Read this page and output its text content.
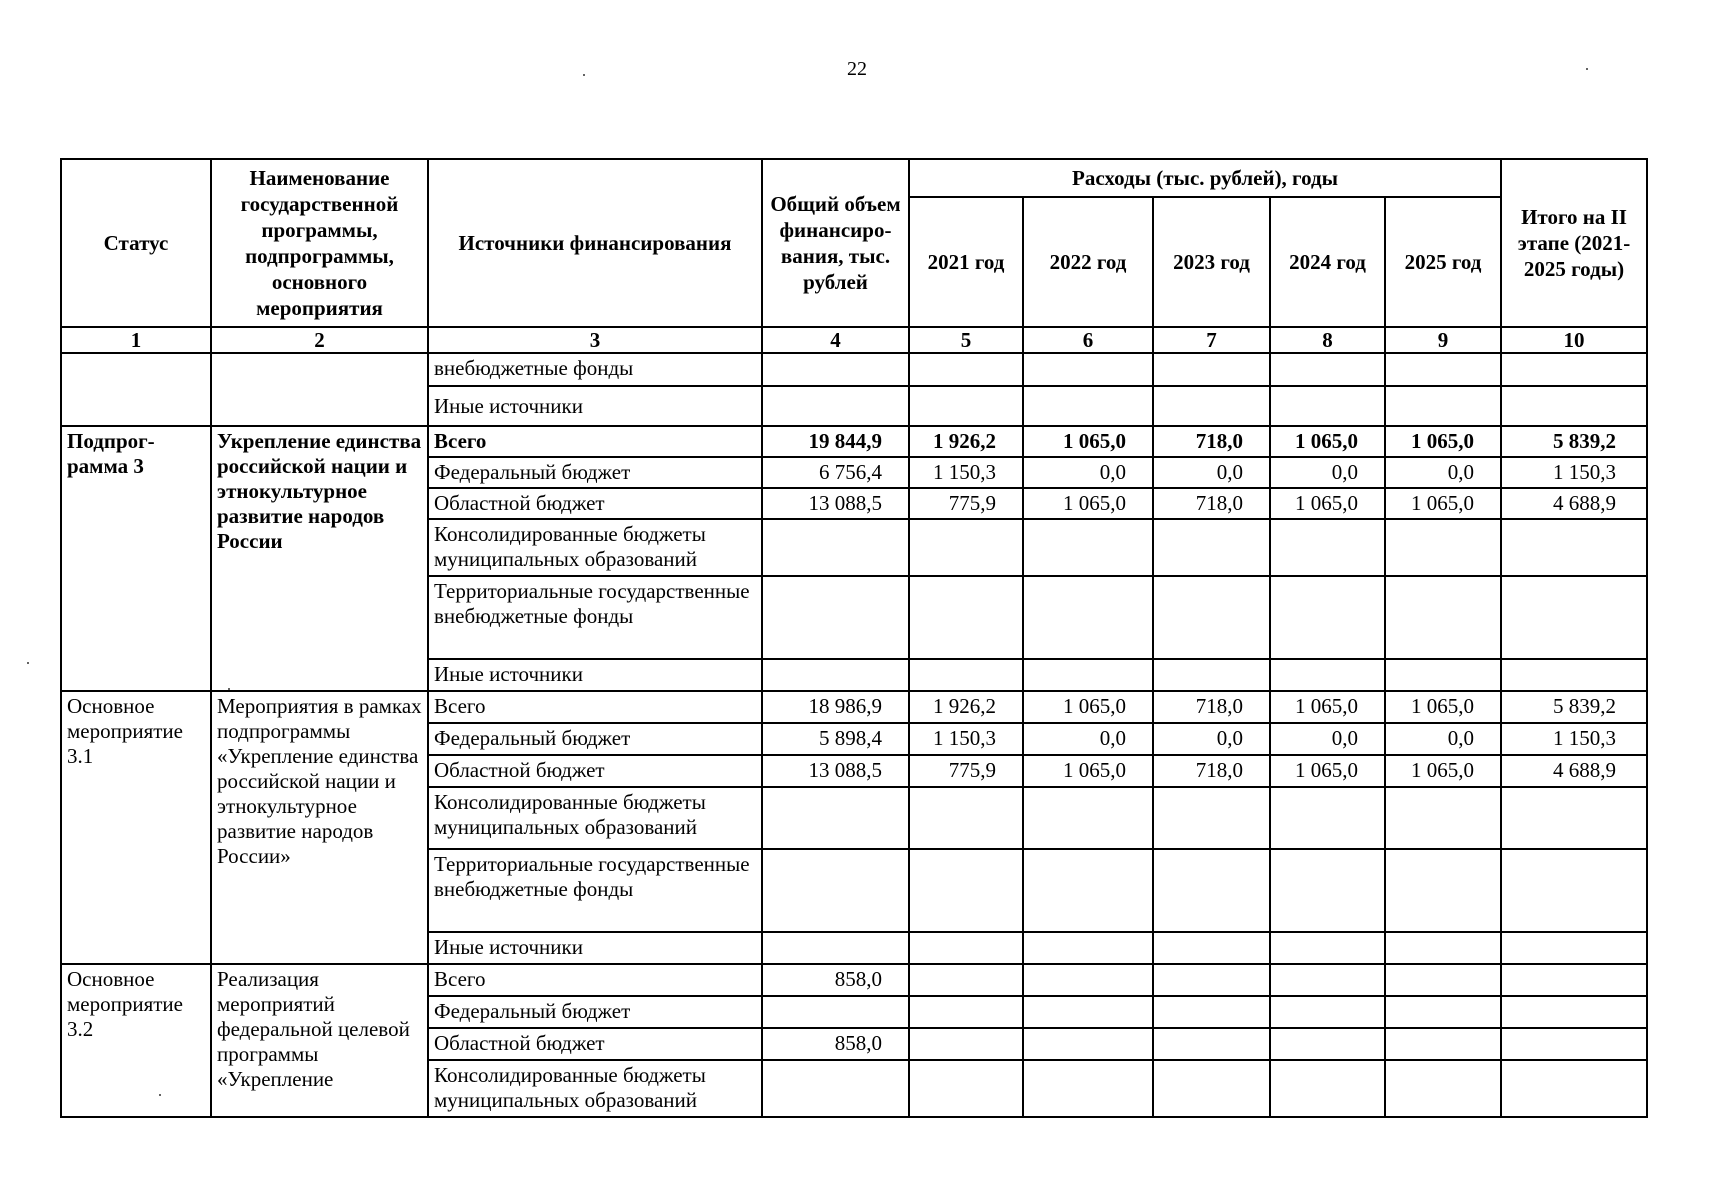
22
Статус	Наименование государственной программы, подпрограммы, основного мероприятия	Источники финансирования	Общий объем финансиро-вания, тыс. рублей	Расходы (тыс. рублей), годы					Итого на II этапе (2021-2025 годы)
				2021 год	2022 год	2023 год	2024 год	2025 год	
1	2	3	4	5	6	7	8	9	10
		внебюджетные фонды							
		Иные источники							
Подпрог-рамма 3	Укрепление единства российской нации и этнокультурное развитие народов России	Всего	19 844,9	1 926,2	1 065,0	718,0	1 065,0	1 065,0	5 839,2
		Федеральный бюджет	6 756,4	1 150,3	0,0	0,0	0,0	0,0	1 150,3
		Областной бюджет	13 088,5	775,9	1 065,0	718,0	1 065,0	1 065,0	4 688,9
		Консолидированные бюджеты муниципальных образований							
		Территориальные государственные внебюджетные фонды							
		Иные источники							
Основное мероприятие 3.1	Мероприятия в рамках подпрограммы «Укрепление единства российской нации и этнокультурное развитие народов России»	Всего	18 986,9	1 926,2	1 065,0	718,0	1 065,0	1 065,0	5 839,2
		Федеральный бюджет	5 898,4	1 150,3	0,0	0,0	0,0	0,0	1 150,3
		Областной бюджет	13 088,5	775,9	1 065,0	718,0	1 065,0	1 065,0	4 688,9
		Консолидированные бюджеты муниципальных образований							
		Территориальные государственные внебюджетные фонды							
		Иные источники							
Основное мероприятие 3.2	Реализация мероприятий федеральной целевой программы «Укрепление	Всего	858,0						
		Федеральный бюджет							
		Областной бюджет	858,0						
		Консолидированные бюджеты муниципальных образований							
